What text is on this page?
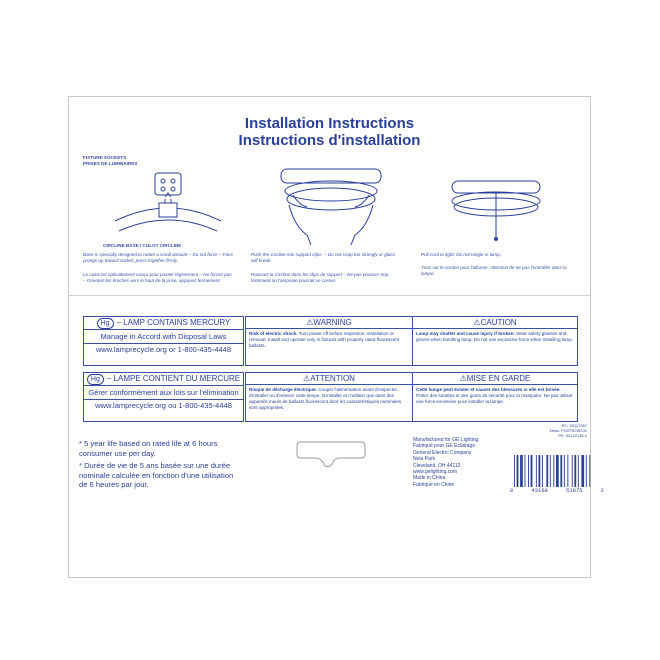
Installation Instructions
Instructions d'installation
FIXTURE SOCKETS
PRISES DE LUMINAIRES
CIRCLINE BASE / CULOT CIRCLINE
Base is specially designed to rotate a small amount – Do not force – Face prongs up toward socket, press together firmly.
Le culot est spécialement conçu pour pivoter légèrement – Ne forcez pas – Orientez les broches vers le haut de la prise, appuyez fermement.
Push the Circline into support clips. – Do not snap too strongly or glass will break.
Poussez la Circline dans les clips de support – Ne pas pousser trop fortement ou l'ampoule pourrait se casser.
Pull cord to light. Do not tangle in lamp.
Tirez sur le cordon pour l'allumer. Attention de ne pas l'emmêler dans la lampe.
Hg – LAMP CONTAINS MERCURY
Manage in Accord with Disposal Laws
www.lamprecycle.org or 1-800-435-4448
Hg – LAMPE CONTIENT DU MERCURE
Gérer conformément aux lois sur l'élimination
www.lamprecycle.org ou 1-800-435-4448
⚠WARNING
Risk of electric shock. Turn power off before inspection, installation or removal. Install and operate only in fixtures with properly rated fluorescent ballasts.
⚠CAUTION
Lamp may shatter and cause injury if broken. Wear safety glasses and gloves when handling lamp. Do not use excessive force when installing lamp.
⚠ATTENTION
Risque de décharge électrique. Couper l'alimentation avant d'inspecter, d'installer ou d'enlever cette lampe. N'installer et n'utiliser que dans des appareils munis de ballasts fluorescent dont les caractéristiques nominales sont appropriées.
⚠MISE EN GARDE
Cette lampe peut éclater et causer des blessures si elle est brisée. Porter des lunettes et des gants de sécurité pour la manipuler. Ne pas utiliser une force excessive pour installer la lampe.
* 5 year life based on rated life at 6 hours consumer use per day.
* Durée de vie de 5 ans basée sur une durée nominale calculée en fonction d'une utilisation de 6 heures par jour.
Manufactured for GE Lighting
Fabriqué pour GE Éclairage
General Electric Company
Nela Park
Cleveland, OH 44112
www.gelighting.com
Made in China
Fabriqué en Chine
PC: 93117967
Desc: FC8T9CW/CD
PK: 00122118-1
0	43168	51075	2
